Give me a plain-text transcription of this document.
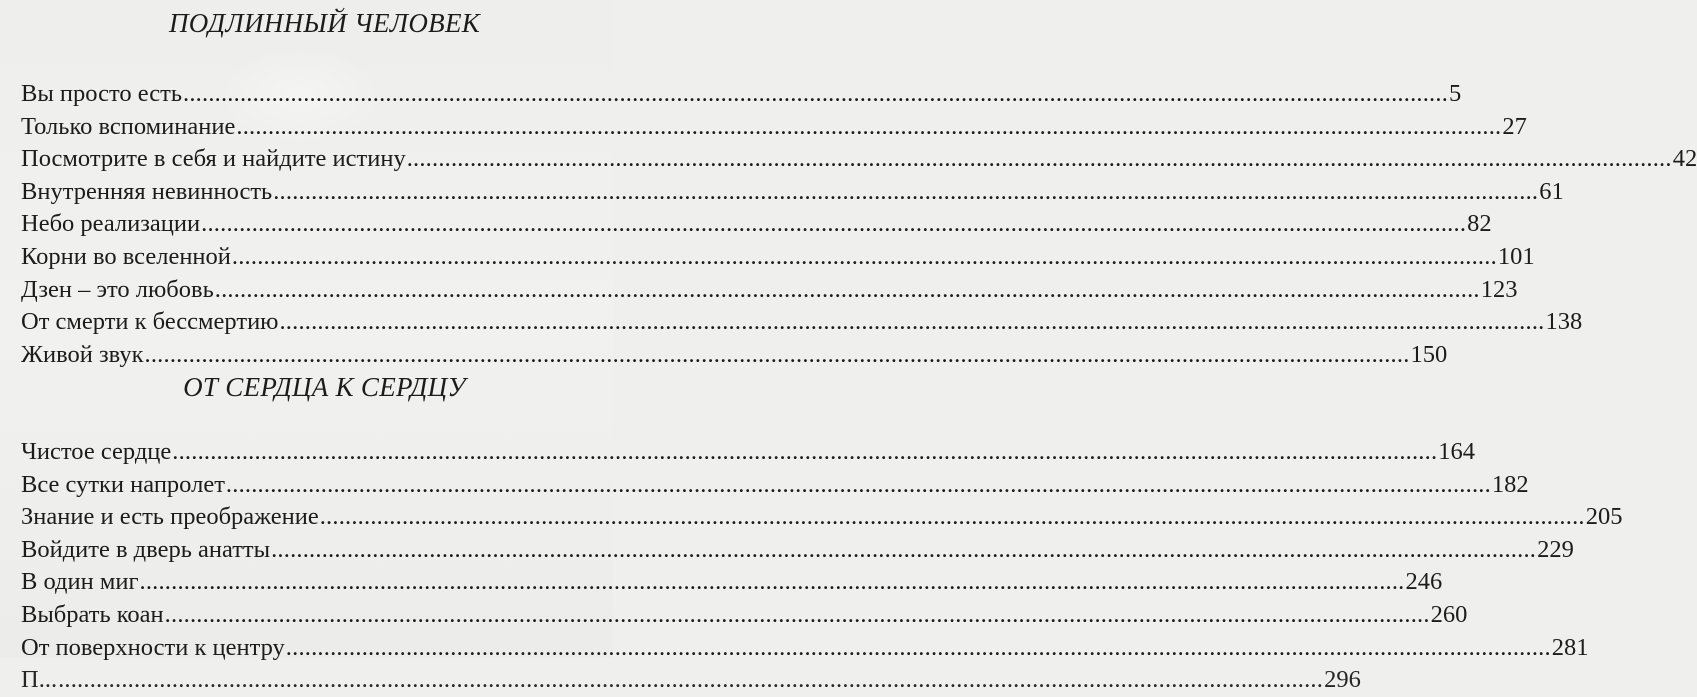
ПОДЛИННЫЙ ЧЕЛОВЕК
Вы просто есть .....	5
Только вспоминание .....	27
Посмотрите в себя и найдите истину .....	42
Внутренняя невинность .....	61
Небо реализации .....	82
Корни во вселенной .....	101
Дзен – это любовь .....	123
От смерти к бессмертию .....	138
Живой звук .....	150
ОТ СЕРДЦА К СЕРДЦУ
Чистое сердце .....	164
Все сутки напролет .....	182
Знание и есть преображение .....	205
Войдите в дверь анатты .....	229
В один миг .....	246
Выбрать коан .....	260
От поверхности к центру .....	281
П... .....	296
